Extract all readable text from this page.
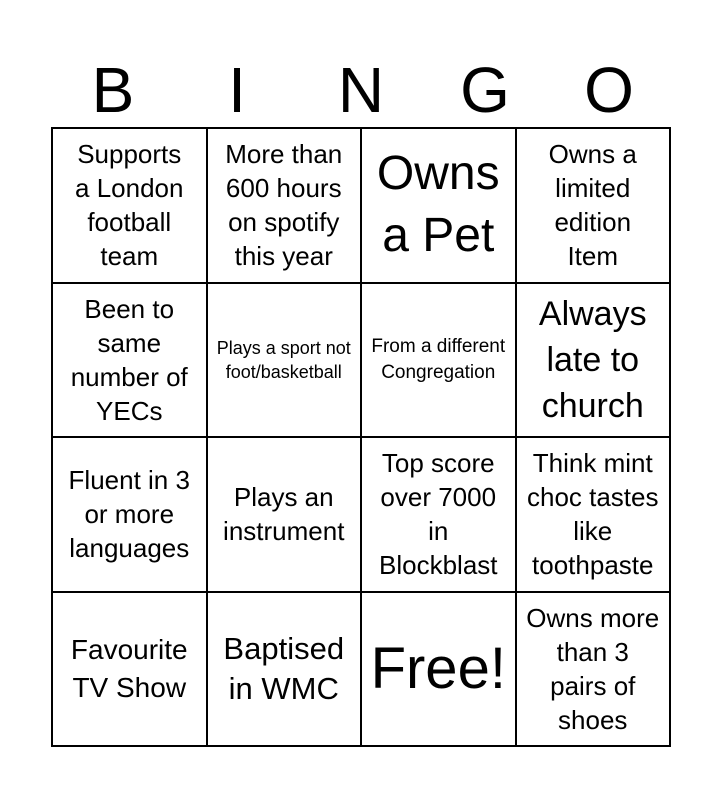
B	I	N	G	O
Supports a London football team
More than 600 hours on spotify this year
Owns a Pet
Owns a limited edition Item
Been to same number of YECs
Plays a sport not foot/basketball
From a different Congregation
Always late to church
Fluent in 3 or more languages
Plays an instrument
Top score over 7000 in Blockblast
Think mint choc tastes like toothpaste
Favourite TV Show
Baptised in WMC Free!
Owns more than 3 pairs of shoes
